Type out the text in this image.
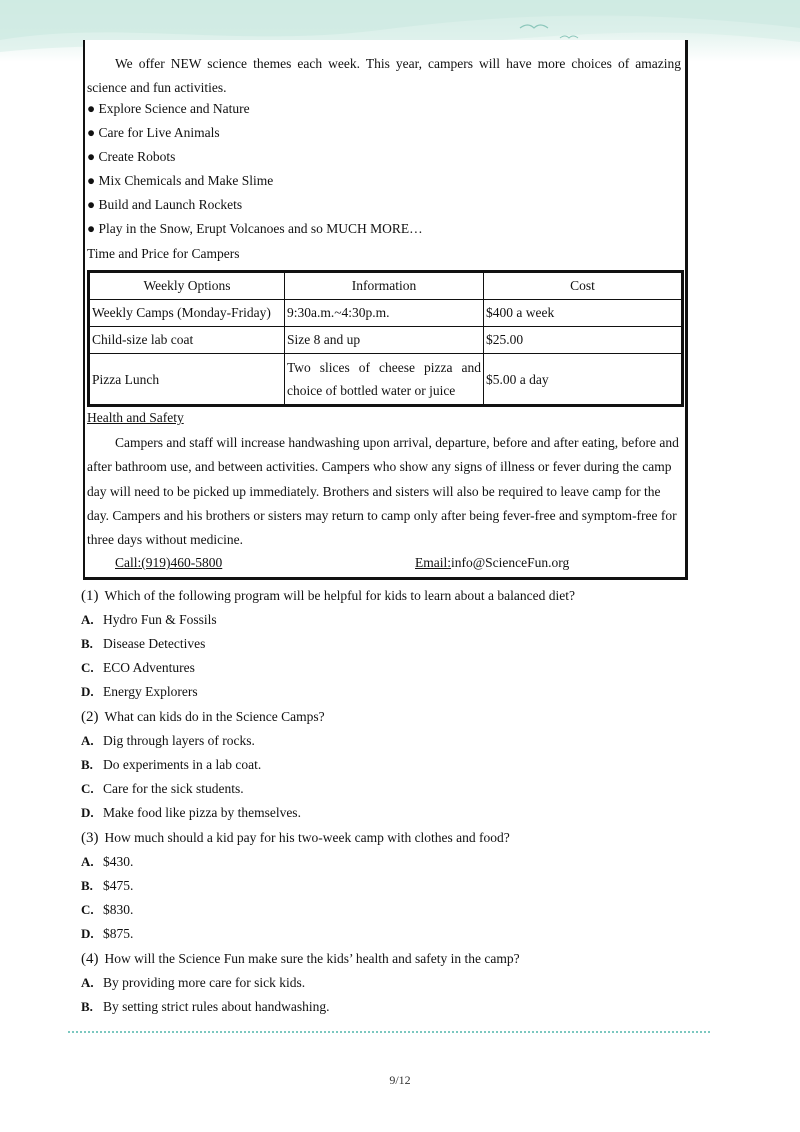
We offer NEW science themes each week. This year, campers will have more choices of amazing science and fun activities.
● Explore Science and Nature
● Care for Live Animals
● Create Robots
● Mix Chemicals and Make Slime
● Build and Launch Rockets
● Play in the Snow, Erupt Volcanoes and so MUCH MORE…
Time and Price for Campers
Weekly Options	Information	Cost
Weekly Camps (Monday-Friday)	9:30a.m.~4:30p.m.	$400 a week
Child-size lab coat	Size 8 and up	$25.00
Pizza Lunch	Two slices of cheese pizza and choice of bottled water or juice	$5.00 a day
Health and Safety
Campers and staff will increase handwashing upon arrival, departure, before and after eating, before and after bathroom use, and between activities. Campers who show any signs of illness or fever during the camp day will need to be picked up immediately. Brothers and sisters will also be required to leave camp for the day. Campers and his brothers or sisters may return to camp only after being fever-free and symptom-free for three days without medicine.
Call:(919)460-5800	Email:info@ScienceFun.org
(1) Which of the following program will be helpful for kids to learn about a balanced diet?
A. Hydro Fun & Fossils
B. Disease Detectives
C. ECO Adventures
D. Energy Explorers
(2) What can kids do in the Science Camps?
A. Dig through layers of rocks.
B. Do experiments in a lab coat.
C. Care for the sick students.
D. Make food like pizza by themselves.
(3) How much should a kid pay for his two-week camp with clothes and food?
A. $430.
B. $475.
C. $830.
D. $875.
(4) How will the Science Fun make sure the kids’ health and safety in the camp?
A. By providing more care for sick kids.
B. By setting strict rules about handwashing.
9/12
